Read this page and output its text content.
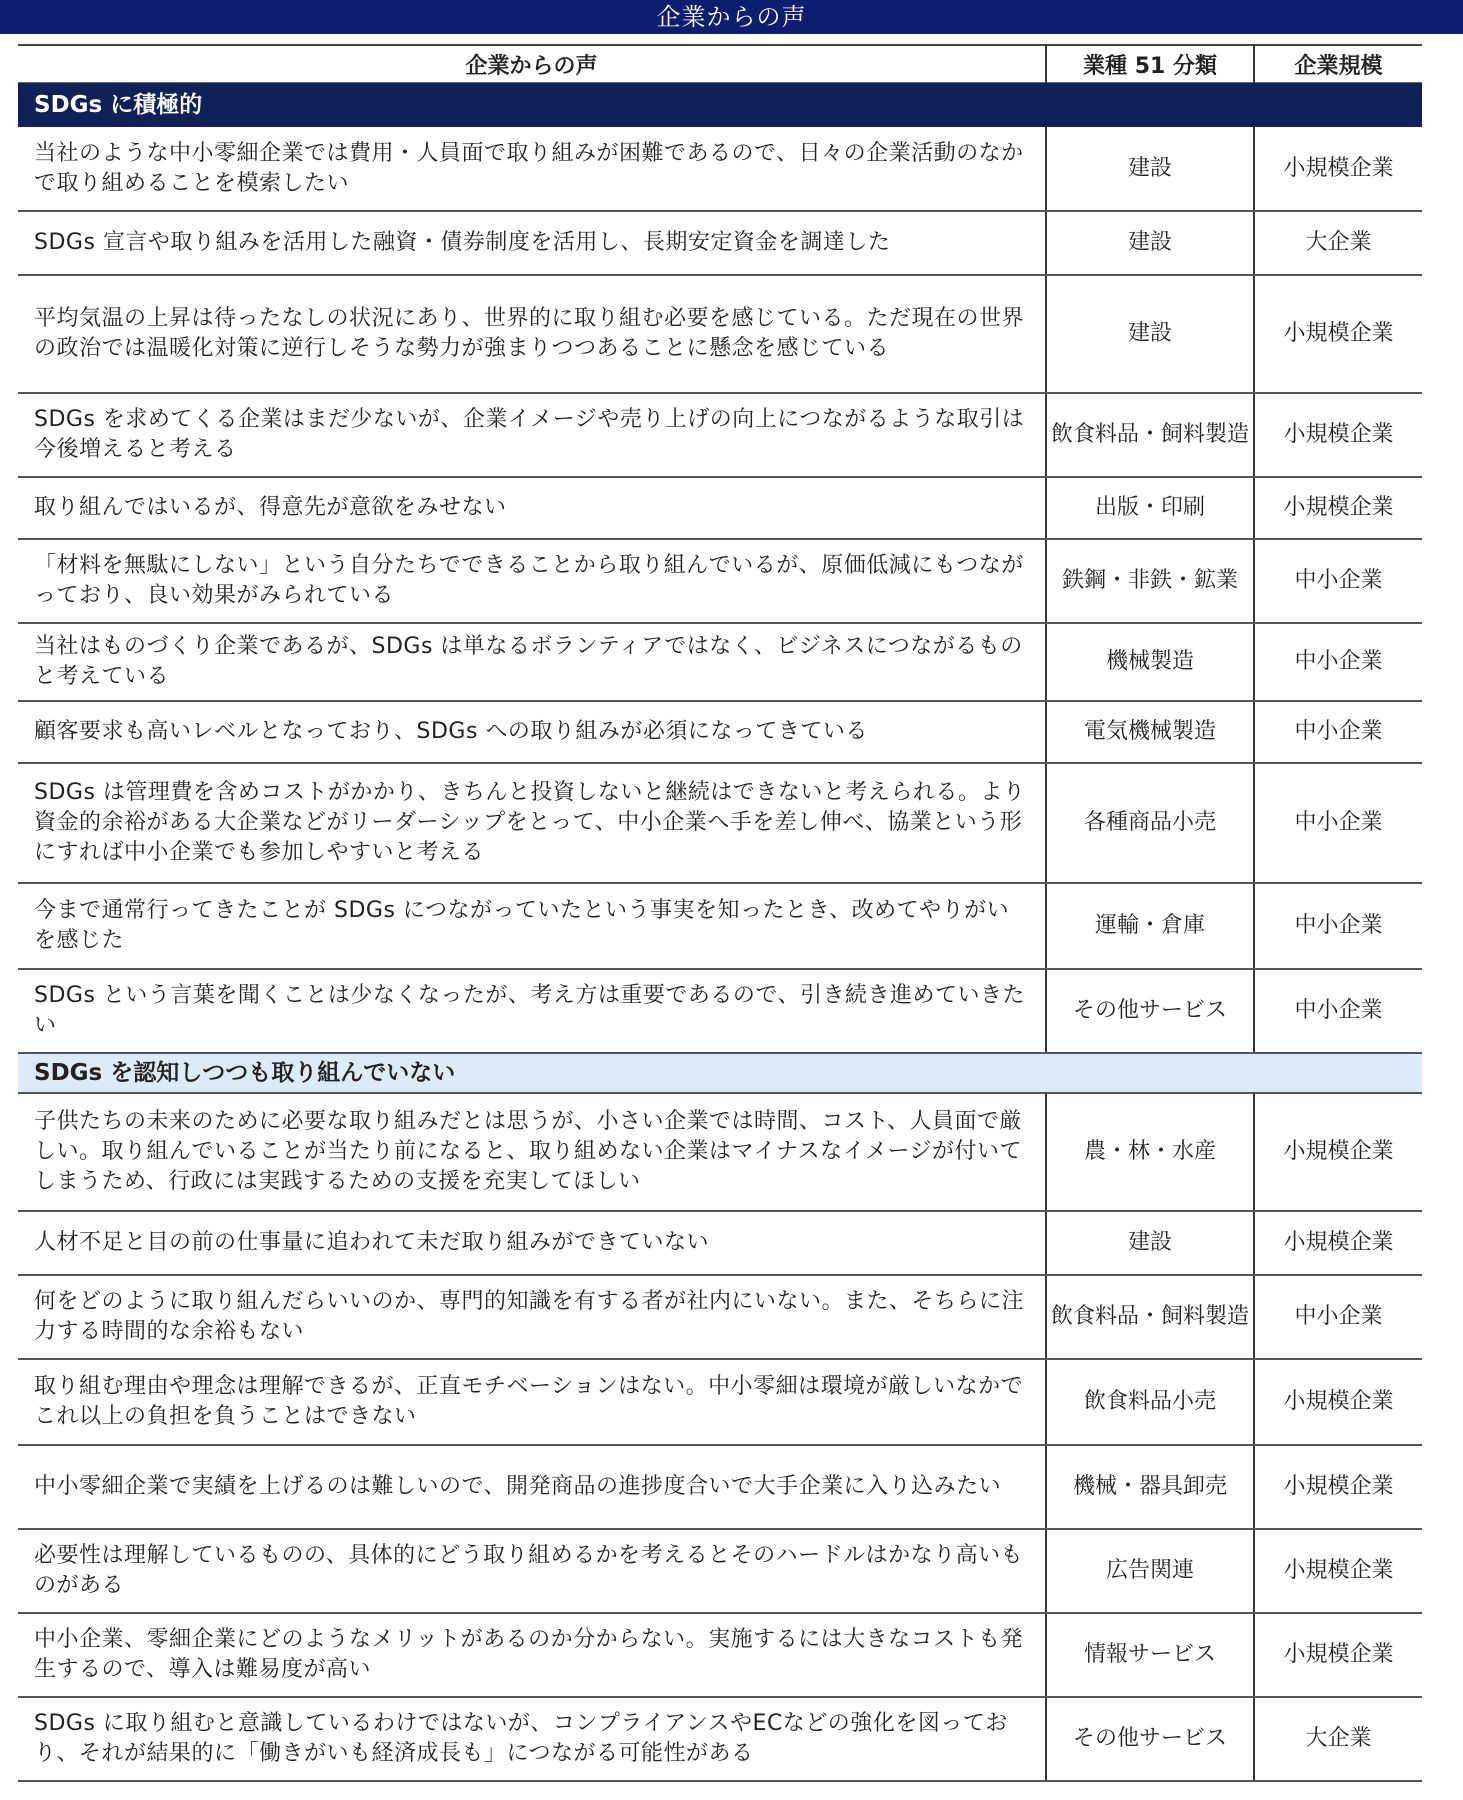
企業からの声
企業からの声	業種 51 分類	企業規模
SDGs に積極的		
当社のような中小零細企業では費用・人員面で取り組みが困難であるので、日々の企業活動のなかで取り組めることを模索したい	建設	小規模企業
SDGs 宣言や取り組みを活用した融資・債券制度を活用し、長期安定資金を調達した	建設	大企業
平均気温の上昇は待ったなしの状況にあり、世界的に取り組む必要を感じている。ただ現在の世界の政治では温暖化対策に逆行しそうな勢力が強まりつつあることに懸念を感じている	建設	小規模企業
SDGs を求めてくる企業はまだ少ないが、企業イメージや売り上げの向上につながるような取引は今後増えると考える	飲食料品・飼料製造	小規模企業
取り組んではいるが、得意先が意欲をみせない	出版・印刷	小規模企業
「材料を無駄にしない」という自分たちでできることから取り組んでいるが、原価低減にもつながっており、良い効果がみられている	鉄鋼・非鉄・鉱業	中小企業
当社はものづくり企業であるが、SDGs は単なるボランティアではなく、ビジネスにつながるものと考えている	機械製造	中小企業
顧客要求も高いレベルとなっており、SDGs への取り組みが必須になってきている	電気機械製造	中小企業
SDGs は管理費を含めコストがかかり、きちんと投資しないと継続はできないと考えられる。より資金的余裕がある大企業などがリーダーシップをとって、中小企業へ手を差し伸べ、協業という形にすれば中小企業でも参加しやすいと考える	各種商品小売	中小企業
今まで通常行ってきたことが SDGs につながっていたという事実を知ったとき、改めてやりがいを感じた	運輸・倉庫	中小企業
SDGs という言葉を聞くことは少なくなったが、考え方は重要であるので、引き続き進めていきたい	その他サービス	中小企業
SDGs を認知しつつも取り組んでいない		
子供たちの未来のために必要な取り組みだとは思うが、小さい企業では時間、コスト、人員面で厳しい。取り組んでいることが当たり前になると、取り組めない企業はマイナスなイメージが付いてしまうため、行政には実践するための支援を充実してほしい	農・林・水産	小規模企業
人材不足と目の前の仕事量に追われて未だ取り組みができていない	建設	小規模企業
何をどのように取り組んだらいいのか、専門的知識を有する者が社内にいない。また、そちらに注力する時間的な余裕もない	飲食料品・飼料製造	中小企業
取り組む理由や理念は理解できるが、正直モチベーションはない。中小零細は環境が厳しいなかでこれ以上の負担を負うことはできない	飲食料品小売	小規模企業
中小零細企業で実績を上げるのは難しいので、開発商品の進捗度合いで大手企業に入り込みたい	機械・器具卸売	小規模企業
必要性は理解しているものの、具体的にどう取り組めるかを考えるとそのハードルはかなり高いものがある	広告関連	小規模企業
中小企業、零細企業にどのようなメリットがあるのか分からない。実施するには大きなコストも発生するので、導入は難易度が高い	情報サービス	小規模企業
SDGs に取り組むと意識しているわけではないが、コンプライアンスやECなどの強化を図っており、それが結果的に「働きがいも経済成長も」につながる可能性がある	その他サービス	大企業
